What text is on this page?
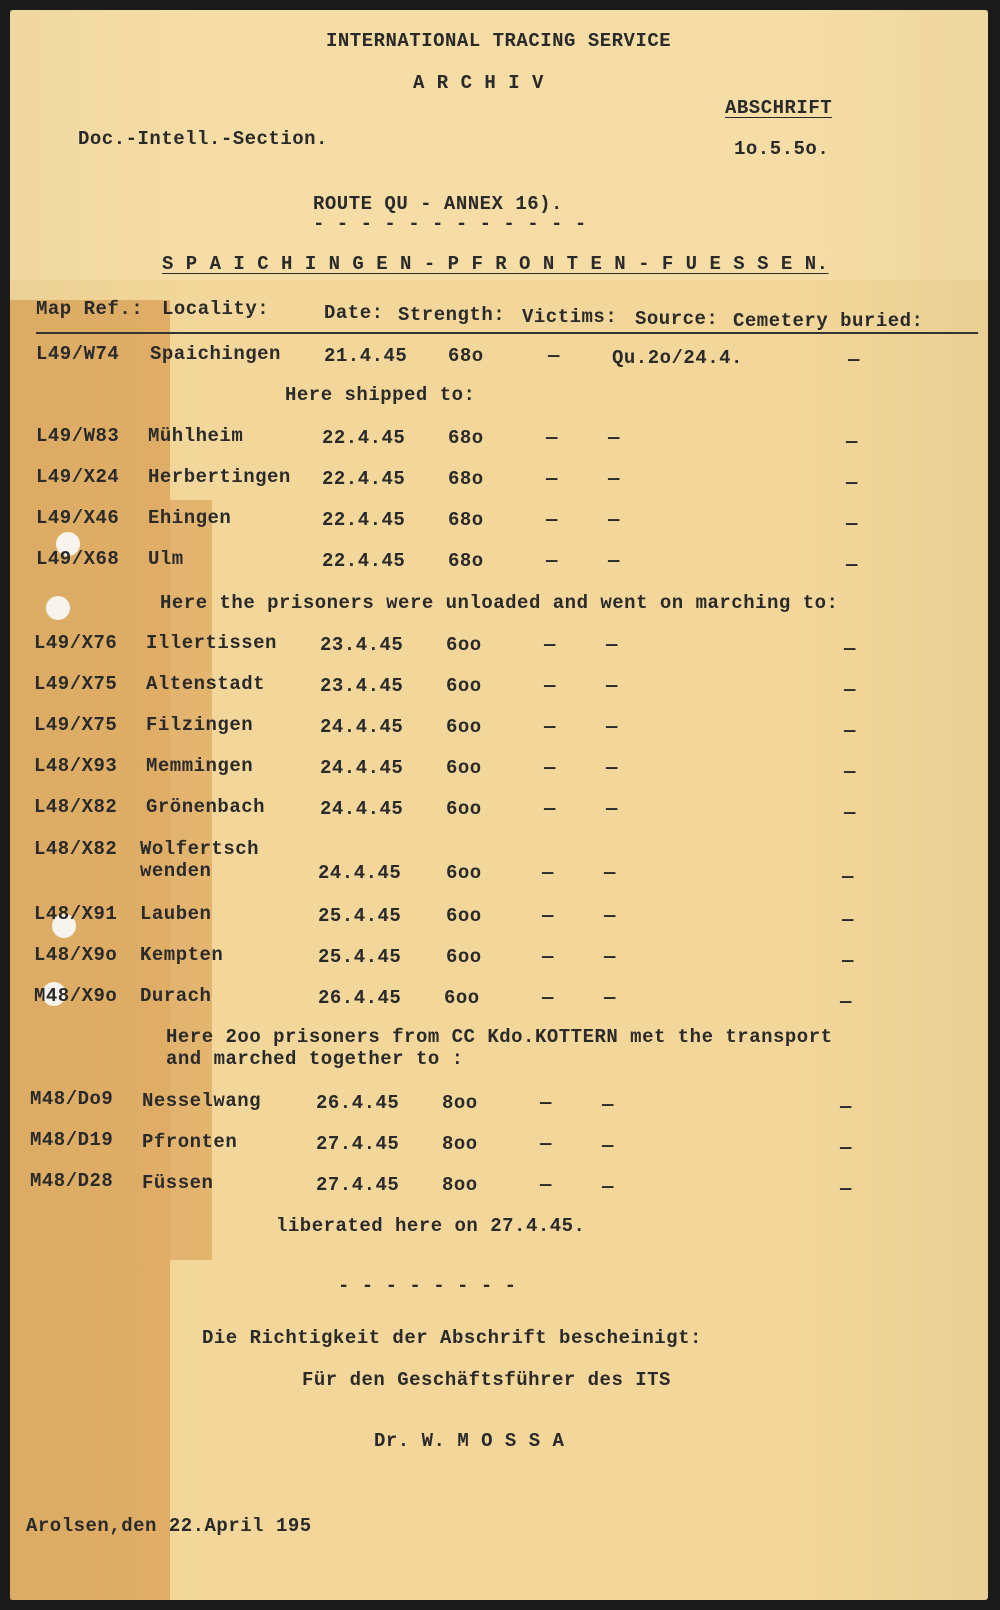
INTERNATIONAL TRACING SERVICE
A R C H I V
ABSCHRIFT
1o.5.5o.
Doc.-Intell.-Section.
ROUTE QU - ANNEX 16).
- - - - - - - - - - - -
S P A I C H I N G E N - P F R O N T E N - F U E S S E N.
Map Ref.: Locality:	Date: Strength: Victims: Source: Cemetery buried:
L49/W74 Spaichingen 21.4.45 68o	—	Qu.2o/24.4.	—
Here shipped to:
L49/W83 Mühlheim	22.4.45 68o	—	—	—
L49/X24 Herbertingen 22.4.45 68o	—	—	—
L49/X46 Ehingen	22.4.45 68o	—	—	—
L49/X68 Ulm	22.4.45 68o	—	—	—
Here the prisoners were unloaded and went on marching to:
L49/X76 Illertissen 23.4.45 6oo	—	—	—
L49/X75 Altenstadt	23.4.45 6oo	—	—	—
L49/X75 Filzingen	24.4.45 6oo	—	—	—
L48/X93 Memmingen	24.4.45 6oo	—	—	—
L48/X82 Grönenbach	24.4.45 6oo	—	—	—
L48/X82 Wolfertschwenden	24.4.45 6oo	—	—	—
L48/X91 Lauben	25.4.45 6oo	—	—	—
L48/X9o Kempten	25.4.45 6oo	—	—	—
M48/X9o Durach	26.4.45 6oo	—	—	—
Here 2oo prisoners from CC Kdo.KOTTERN met the transport
and marched together to :
M48/Do9 Nesselwang	26.4.45 8oo	—	—	—
M48/D19 Pfronten	27.4.45 8oo	—	—	—
M48/D28 Füssen	27.4.45 8oo	—	—	—
liberated here on 27.4.45.
- - - - - - - -
Die Richtigkeit der Abschrift bescheinigt:
Für den Geschäftsführer des ITS
Dr. W. M O S S A
Arolsen,den 22.April 195
